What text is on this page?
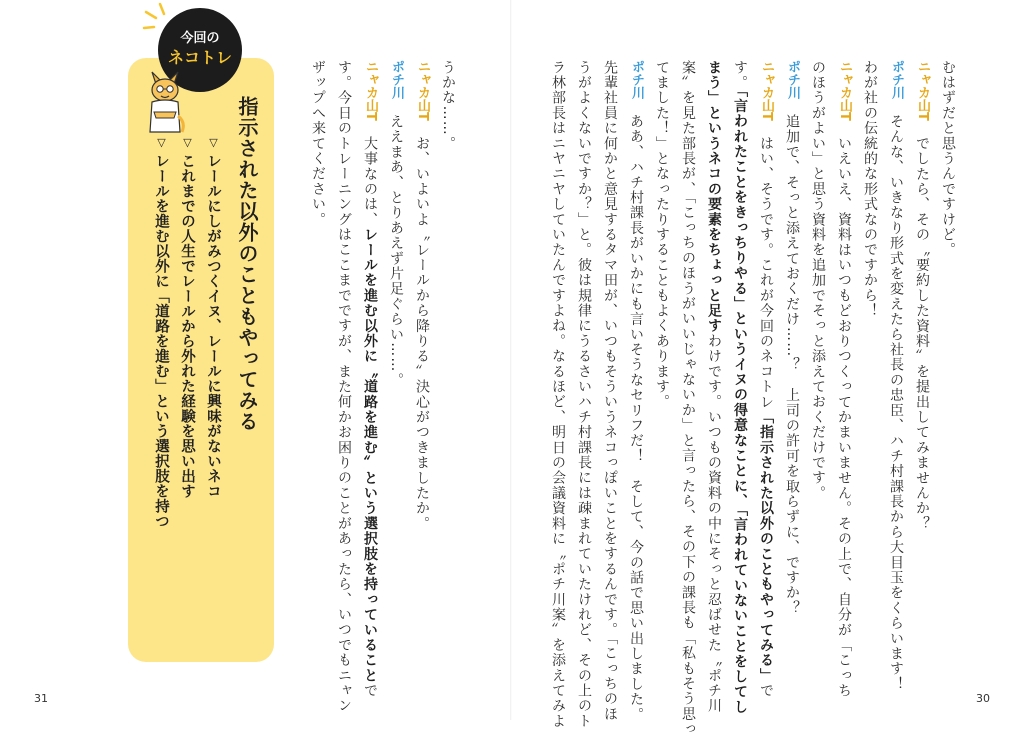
今回の
ネコトレ
指示された以外のこともやってみる
▽レールにしがみつくイヌ、レールに興味がないネコ
▽これまでの人生でレールから外れた経験を思い出す
▽レールを進む以外に「道路を進む」という選択肢を持つ
うかな……。
ニャカ山T　お、いよいよ〝レールから降りる〟決心がつきましたか。
ポチ川　ええまあ、とりあえず片足ぐらい……。
ニャカ山T　大事なのは、レールを進む以外に〝道路を進む〟という選択肢を持っていることで
す。今日のトレーニングはここまでですが、また何かお困りのことがあったら、いつでもニャン
ザップへ来てください。
31
むはずだと思うんですけど。
ニャカ山T　でしたら、その〝要約した資料〟を提出してみませんか？
ポチ川　そんな、いきなり形式を変えたら社長の忠臣、ハチ村課長から大目玉をくらいます！
わが社の伝統的な形式なのですから！
ニャカ山T　いえいえ、資料はいつもどおりつくってかまいません。その上で、自分が「こっち
のほうがよい」と思う資料を追加でそっと添えておくだけです。
ポチ川　追加で、そっと添えておくだけ……？　上司の許可を取らずに、ですか？
ニャカ山T　はい、そうです。これが今回のネコトレ「指示された以外のこともやってみる」で
す。「言われたことをきっちりやる」というイヌの得意なことに、「言われていないことをしてし
まう」というネコの要素をちょっと足すわけです。いつもの資料の中にそっと忍ばせた〝ポチ川
案〟を見た部長が、「こっちのほうがいいじゃないか」と言ったら、その下の課長も「私もそう思っ
てました！」となったりすることもよくあります。
ポチ川　ああ、ハチ村課長がいかにも言いそうなセリフだ！　そして、今の話で思い出しました。
先輩社員に何かと意見するタマ田が、いつもそういうネコっぽいことをするんです。「こっちのほ
うがよくないですか？」と。彼は規律にうるさいハチ村課長には疎まれていたけれど、その上のト
ラ林部長はニヤニヤしていたんですよね。なるほど、明日の会議資料に〝ポチ川案〟を添えてみよ	30
